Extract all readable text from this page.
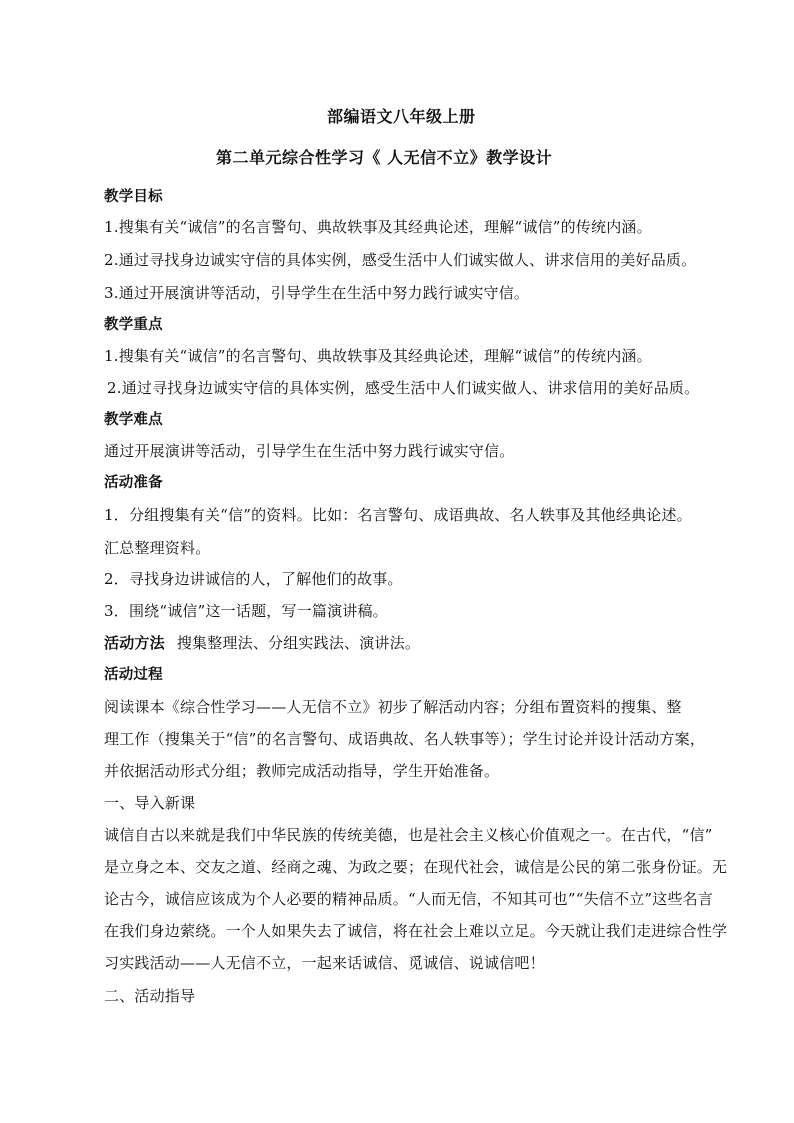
部编语文八年级上册
第二单元综合性学习《 人无信不立》教学设计
教学目标
1.搜集有关“诚信”的名言警句、典故轶事及其经典论述，理解“诚信”的传统内涵。
2.通过寻找身边诚实守信的具体实例，感受生活中人们诚实做人、讲求信用的美好品质。
3.通过开展演讲等活动，引导学生在生活中努力践行诚实守信。
教学重点
1.搜集有关“诚信”的名言警句、典故轶事及其经典论述，理解“诚信”的传统内涵。
2.通过寻找身边诚实守信的具体实例，感受生活中人们诚实做人、讲求信用的美好品质。
教学难点
通过开展演讲等活动，引导学生在生活中努力践行诚实守信。
活动准备
1．分组搜集有关“信”的资料。比如：名言警句、成语典故、名人轶事及其他经典论述。
汇总整理资料。
2．寻找身边讲诚信的人，了解他们的故事。
3．围绕“诚信”这一话题，写一篇演讲稿。
活动方法 搜集整理法、分组实践法、演讲法。
活动过程
阅读课本《综合性学习——人无信不立》初步了解活动内容；分组布置资料的搜集、整
理工作（搜集关于“信”的名言警句、成语典故、名人轶事等）；学生讨论并设计活动方案，
并依据活动形式分组；教师完成活动指导，学生开始准备。
一、导入新课
诚信自古以来就是我们中华民族的传统美德，也是社会主义核心价值观之一。在古代，“信”
是立身之本、交友之道、经商之魂、为政之要；在现代社会，诚信是公民的第二张身份证。无
论古今，诚信应该成为个人必要的精神品质。“人而无信，不知其可也”“失信不立”这些名言
在我们身边萦绕。一个人如果失去了诚信，将在社会上难以立足。今天就让我们走进综合性学
习实践活动——人无信不立，一起来话诚信、觅诚信、说诚信吧！
二、活动指导
